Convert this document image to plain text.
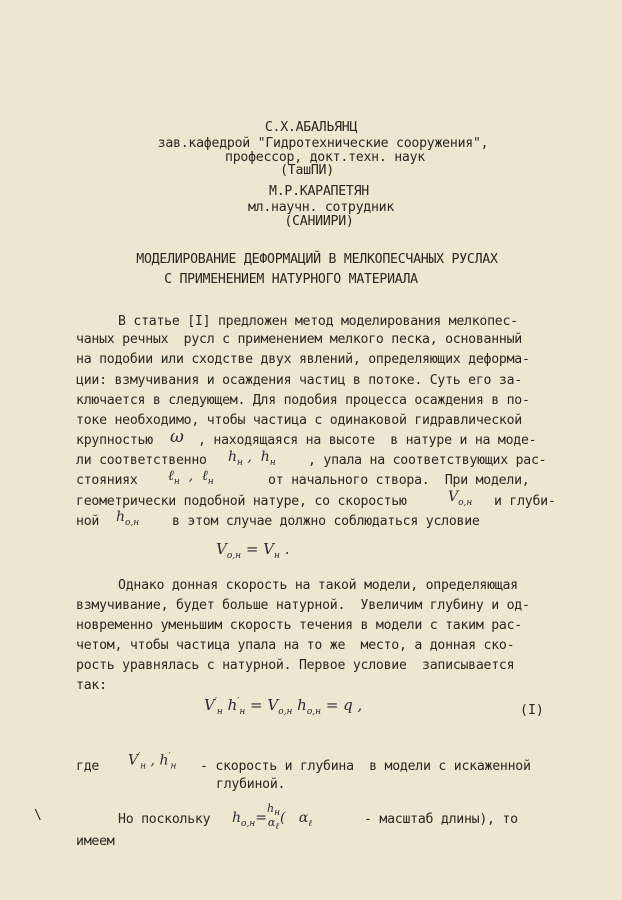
С.Х.АБАЛЬЯНЦ
зав.кафедрой "Гидротехнические сооружения",
профессор, докт.техн. наук
(ТашПИ)
М.Р.КАРАПЕТЯН
мл.научн. сотрудник
(САНИИРИ)
МОДЕЛИРОВАНИЕ ДЕФОРМАЦИЙ В МЕЛКОПЕСЧАНЫХ РУСЛАХ
С ПРИМЕНЕНИЕМ НАТУРНОГО МАТЕРИАЛА
В статье [I] предложен метод моделирования мелкопес-
чаных речных  русл с применением мелкого песка, основанный
на подобии или сходстве двух явлений, определяющих деформа-
ции: взмучивания и осаждения частиц в потоке. Суть его за-
ключается в следующем. Для подобия процесса осаждения в по-
токе необходимо, чтобы частица с одинаковой гидравлической
крупностью ω , находящаяся на высоте  в натуре и на моде-
ли соответственно $h_н$ ,  $h_н$ , упала на соответствующих рас-
стояниях ℓ$_н$  ,  ℓ$_н$	от начального створа.  При модели,
геометрически подобной натуре, со скоростью	$V_{o,н}$ и глуби-
ной $h_{o,н}$ в этом случае должно соблюдаться условие
$V_{o,н} = V_н$ .
Однако донная скорость на такой модели, определяющая
взмучивание, будет больше натурной.  Увеличим глубину и од-
новременно уменьшим скорость течения в модели с таким рас-
четом, чтобы частица упала на то же  место, а донная ско-
рость уравнялась с натурной. Первое условие  записывается
так:
$V'_н$ $h'_н = V_{o,н}$ $h_{o,н} = q$ ,	(I)
где $V'_н$ , $h'_н$ - скорость и глубина  в модели с искаженной
глубиной.
\	Но поскольку $h_{o,н}=h_н$
$\alpha_\ell$(   $\alpha_\ell$	- масштаб длины), то
имеем
